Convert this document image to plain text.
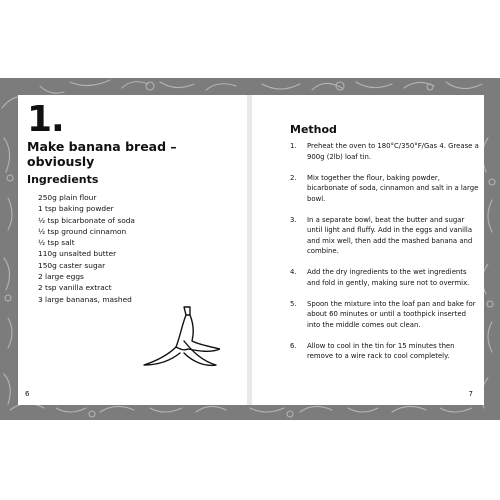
1.
Make banana bread –
obviously
Ingredients
250g plain flour
1 tsp baking powder
½ tsp bicarbonate of soda
½ tsp ground cinnamon
½ tsp salt
110g unsalted butter
150g caster sugar
2 large eggs
2 tsp vanilla extract
3 large bananas, mashed
6
Method
1. Preheat the oven to 180°C/350°F/Gas 4. Grease a 900g (2lb) loaf tin.
2. Mix together the flour, baking powder, bicarbonate of soda, cinnamon and salt in a large bowl.
3. In a separate bowl, beat the butter and sugar until light and fluffy. Add in the eggs and vanilla and mix well, then add the mashed banana and combine.
4. Add the dry ingredients to the wet ingredients and fold in gently, making sure not to overmix.
5. Spoon the mixture into the loaf pan and bake for about 60 minutes or until a toothpick inserted into the middle comes out clean.
6. Allow to cool in the tin for 15 minutes then remove to a wire rack to cool completely.
7
